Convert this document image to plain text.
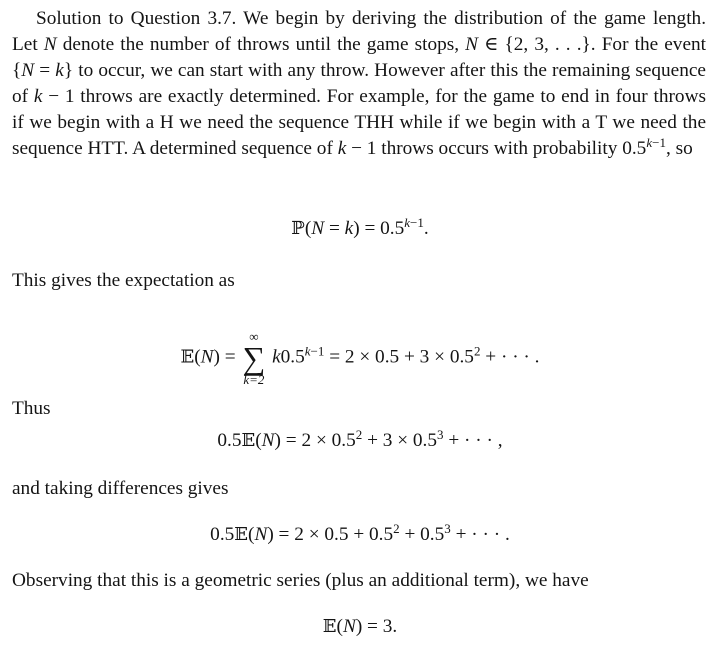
Solution to Question 3.7. We begin by deriving the distribution of the game length. Let N denote the number of throws until the game stops, N ∈ {2, 3, . . .}. For the event {N = k} to occur, we can start with any throw. However after this the remaining sequence of k − 1 throws are exactly determined. For example, for the game to end in four throws if we begin with a H we need the sequence THH while if we begin with a T we need the sequence HTT. A determined sequence of k − 1 throws occurs with probability $0.5^{k-1}$, so

ℙ(N = $k) = 0.5^{k-1}$.

This gives the expectation as

𝔼(N) =
∞
∑
k=2
$k0.5^{k-1} = 2 \times 0.5 + 3 \times 0.5^2$ + · · · .

Thus

0.5𝔼(N) = $2 \times 0.5^2 + 3 \times 0.5^3$ + · · · ,

and taking differences gives

0.5𝔼(N) = $2 \times 0.5 + 0.5^2 + 0.5^3$ + · · · .

Observing that this is a geometric series (plus an additional term), we have

𝔼(N) = 3.
